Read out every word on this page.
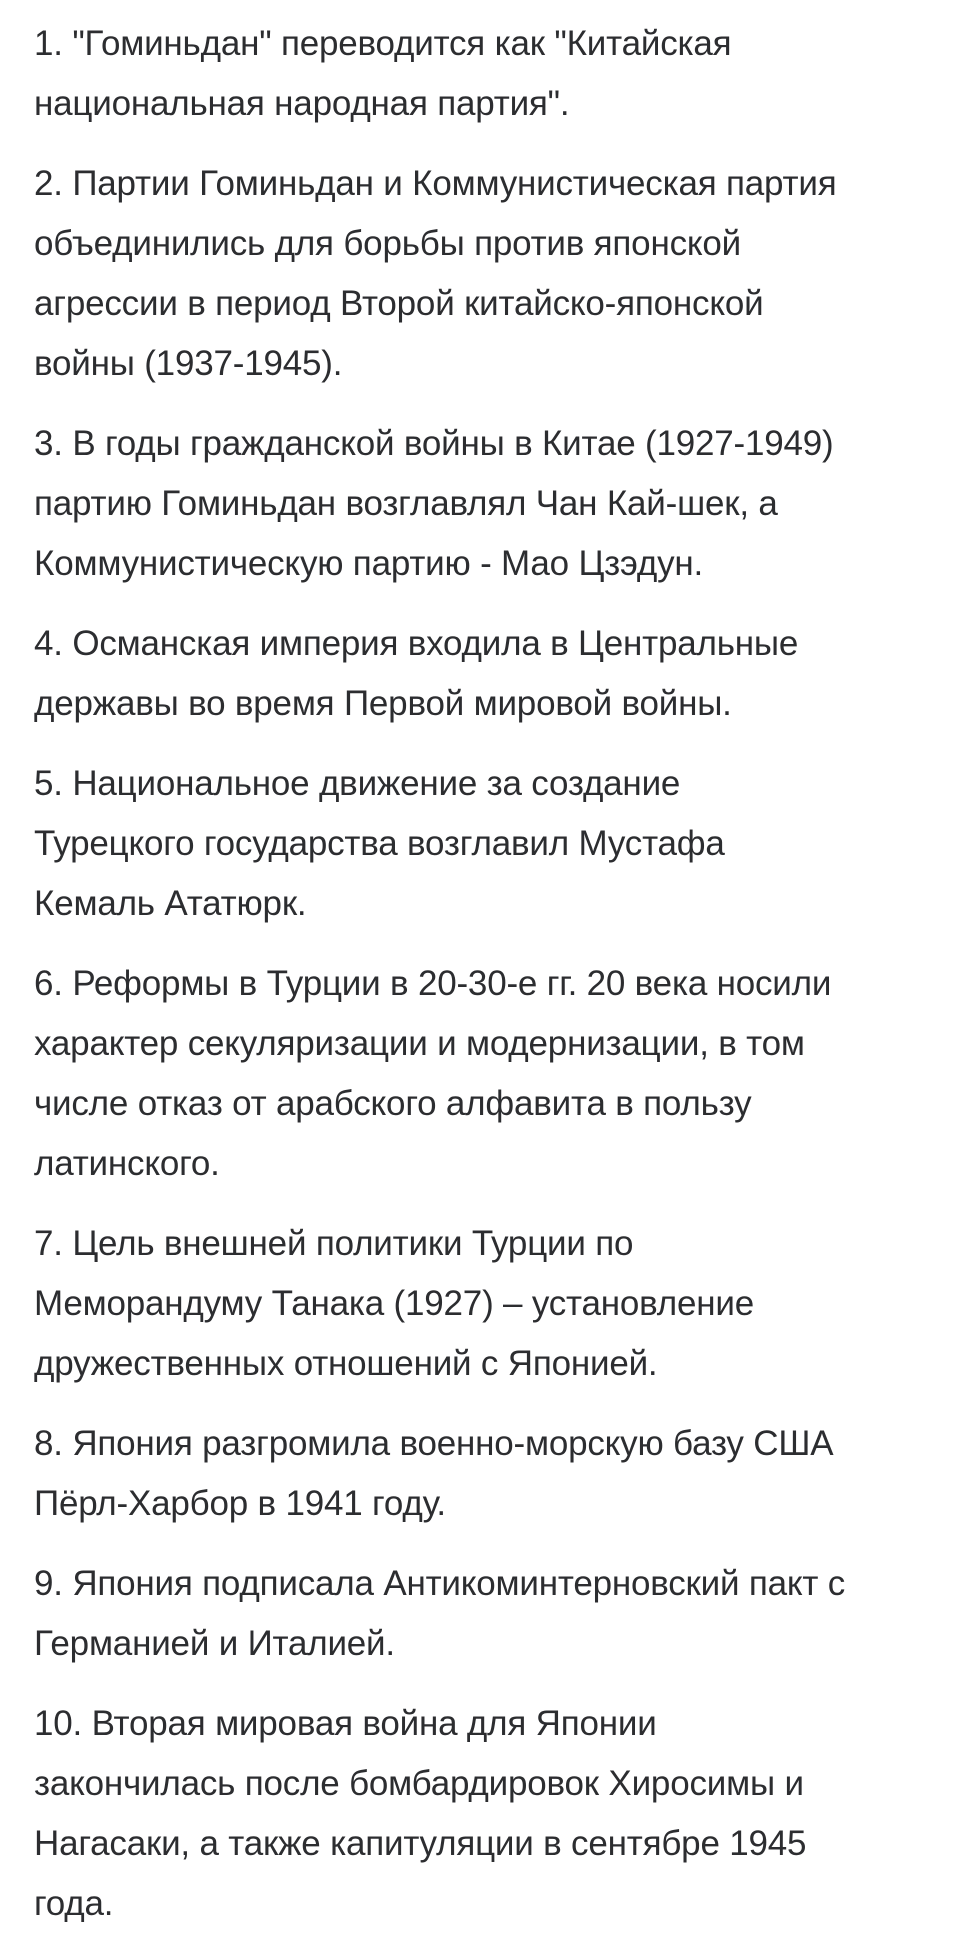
1. "Гоминьдан" переводится как "Китайская
национальная народная партия".
2. Партии Гоминьдан и Коммунистическая партия
объединились для борьбы против японской
агрессии в период Второй китайско-японской
войны (1937-1945).
3. В годы гражданской войны в Китае (1927-1949)
партию Гоминьдан возглавлял Чан Кай-шек, а
Коммунистическую партию - Мао Цзэдун.
4. Османская империя входила в Центральные
державы во время Первой мировой войны.
5. Национальное движение за создание
Турецкого государства возглавил Мустафа
Кемаль Ататюрк.
6. Реформы в Турции в 20-30-е гг. 20 века носили
характер секуляризации и модернизации, в том
числе отказ от арабского алфавита в пользу
латинского.
7. Цель внешней политики Турции по
Меморандуму Танака (1927) – установление
дружественных отношений с Японией.
8. Япония разгромила военно-морскую базу США
Пёрл-Харбор в 1941 году.
9. Япония подписала Антикоминтерновский пакт с
Германией и Италией.
10. Вторая мировая война для Японии
закончилась после бомбардировок Хиросимы и
Нагасаки, а также капитуляции в сентябре 1945
года.
